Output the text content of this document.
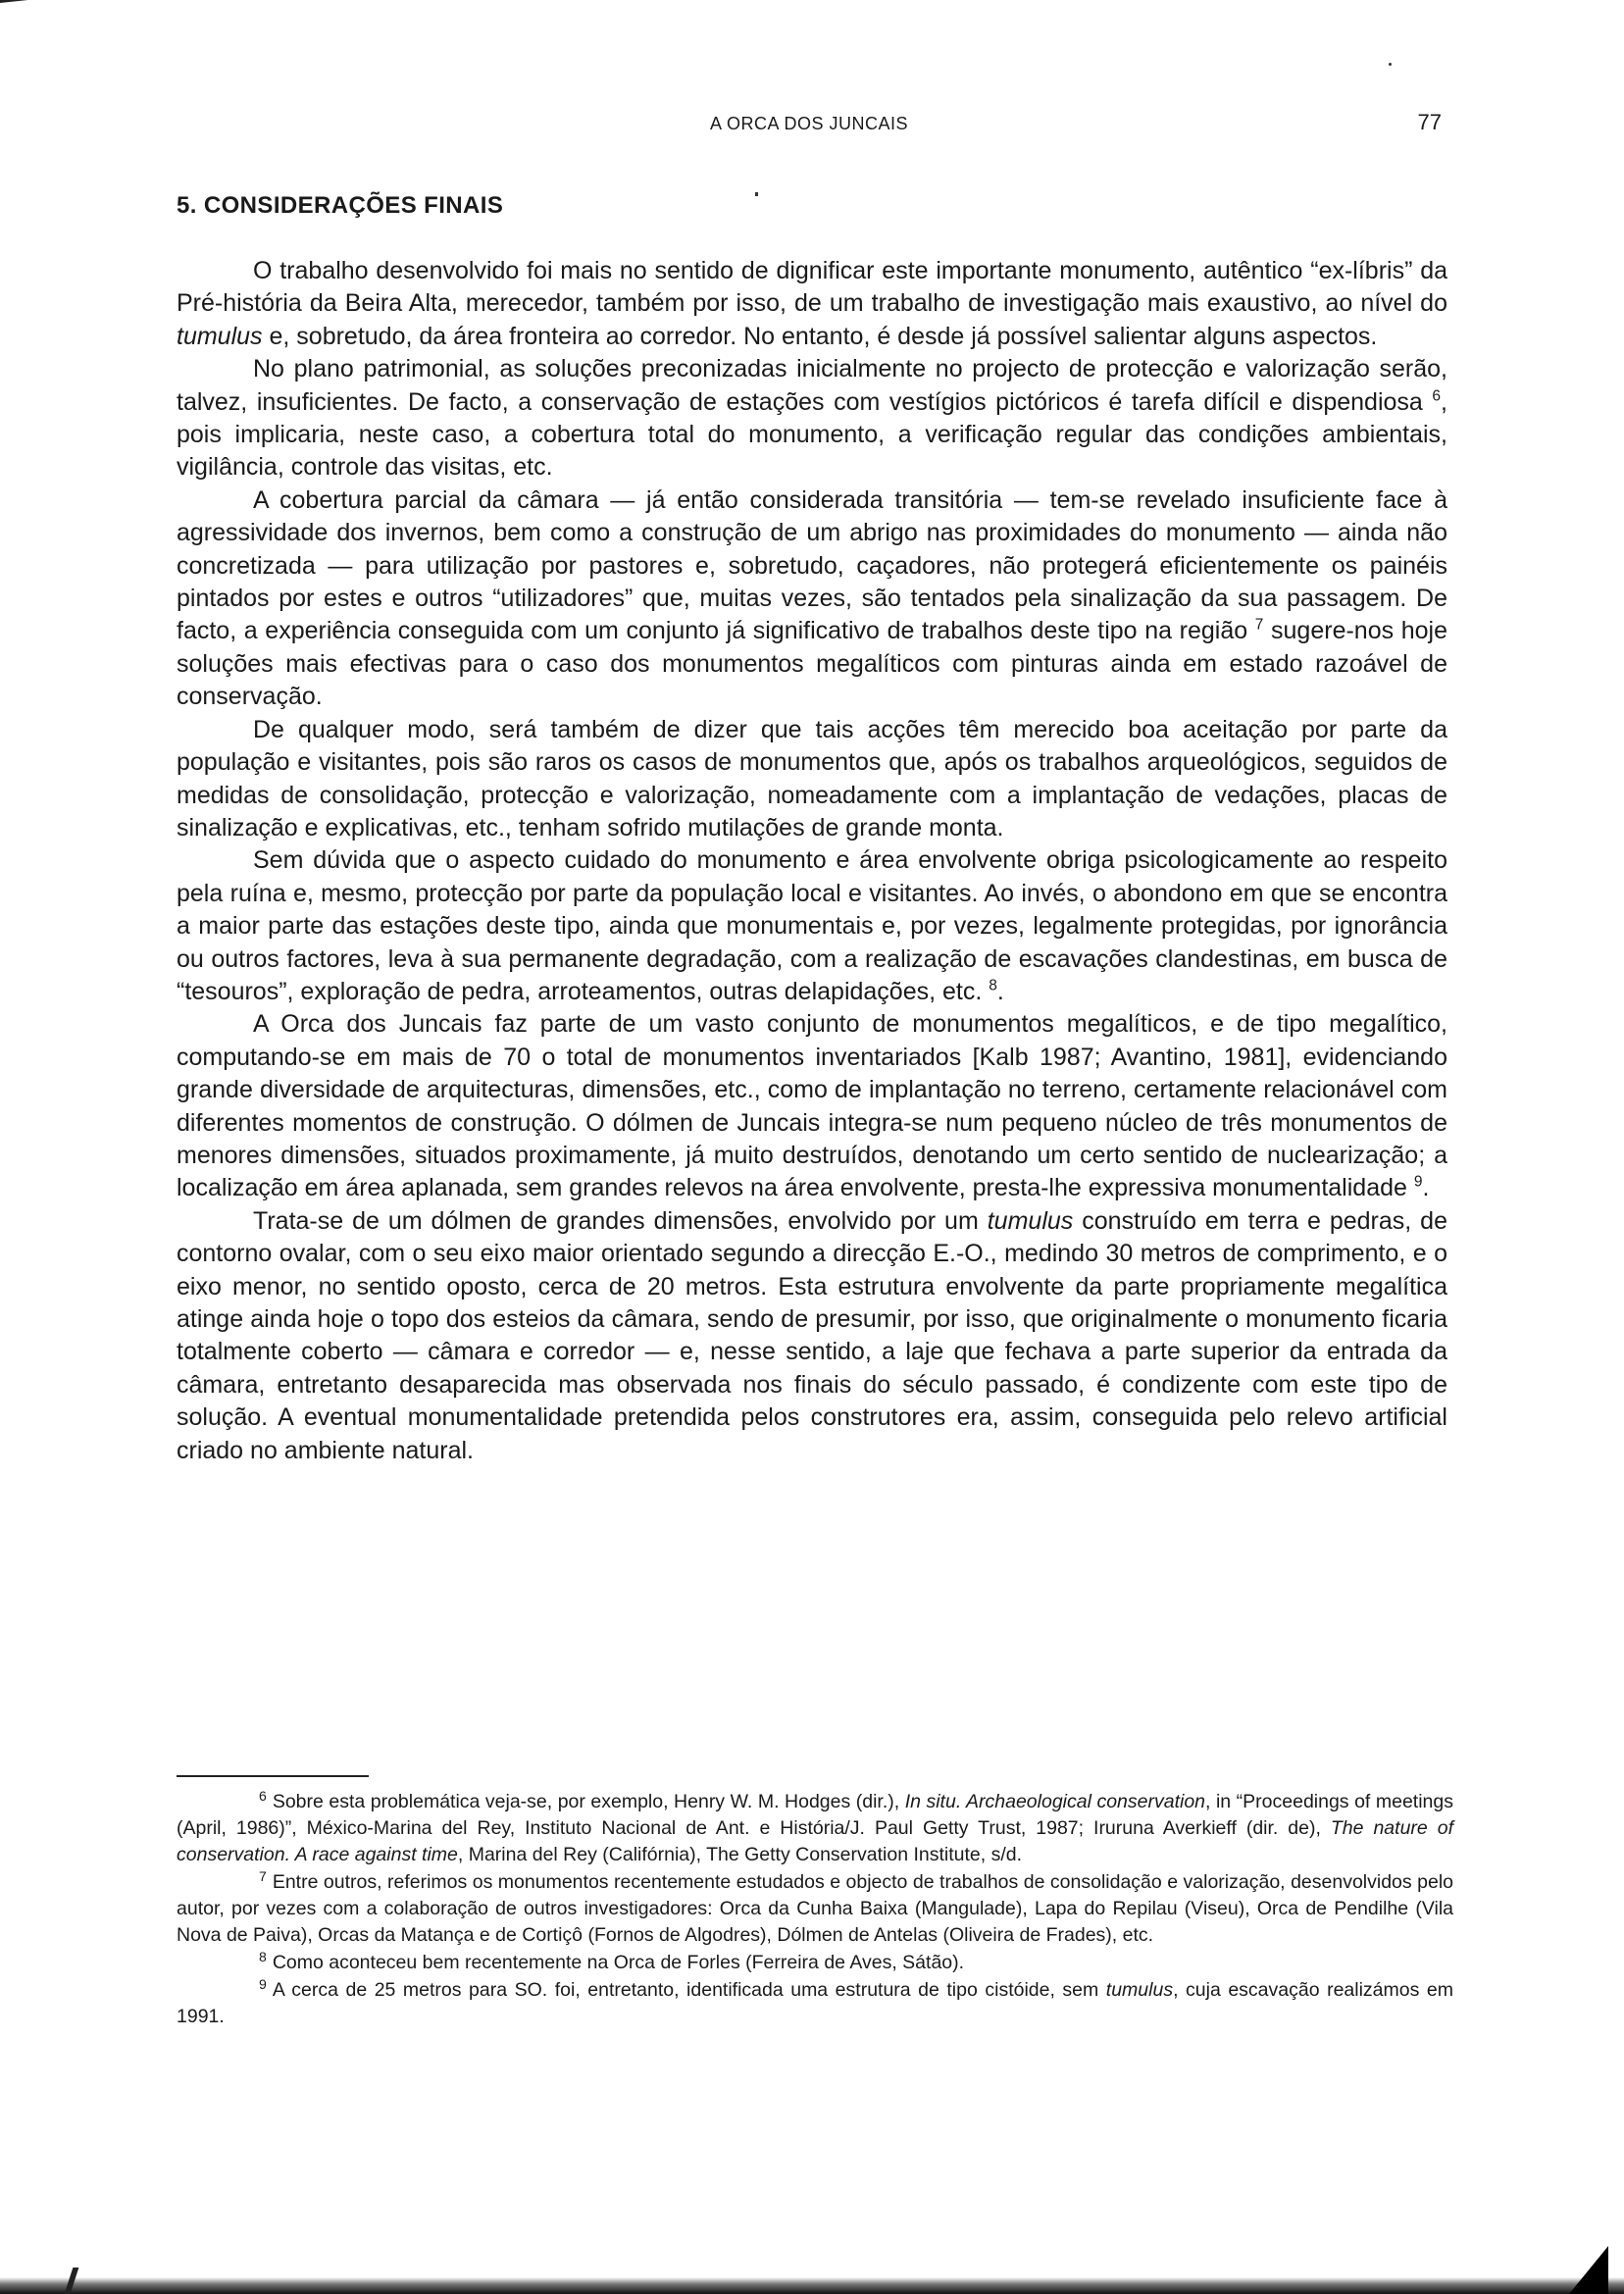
A ORCA DOS JUNCAIS	77
5. CONSIDERAÇÕES FINAIS

O trabalho desenvolvido foi mais no sentido de dignificar este importante monumento, autêntico “ex-líbris” da Pré-história da Beira Alta, merecedor, também por isso, de um trabalho de investigação mais exaustivo, ao nível do tumulus e, sobretudo, da área fronteira ao corredor. No entanto, é desde já possível salientar alguns aspectos.

No plano patrimonial, as soluções preconizadas inicialmente no projecto de protecção e valorização serão, talvez, insuficientes. De facto, a conservação de estações com vestígios pictóricos é tarefa difícil e dispendiosa $^6$, pois implicaria, neste caso, a cobertura total do monumento, a verificação regular das condições ambientais, vigilância, controle das visitas, etc.

A cobertura parcial da câmara — já então considerada transitória — tem-se revelado insuficiente face à agressividade dos invernos, bem como a construção de um abrigo nas proximidades do monumento — ainda não concretizada — para utilização por pastores e, sobretudo, caçadores, não protegerá eficientemente os painéis pintados por estes e outros “utilizadores” que, muitas vezes, são tentados pela sinalização da sua passagem. De facto, a experiência conseguida com um conjunto já significativo de trabalhos deste tipo na região $^7$ sugere-nos hoje soluções mais efectivas para o caso dos monumentos megalíticos com pinturas ainda em estado razoável de conservação.

De qualquer modo, será também de dizer que tais acções têm merecido boa aceitação por parte da população e visitantes, pois são raros os casos de monumentos que, após os trabalhos arqueológicos, seguidos de medidas de consolidação, protecção e valorização, nomeadamente com a implantação de vedações, placas de sinalização e explicativas, etc., tenham sofrido mutilações de grande monta.

Sem dúvida que o aspecto cuidado do monumento e área envolvente obriga psicologicamente ao respeito pela ruína e, mesmo, protecção por parte da população local e visitantes. Ao invés, o abondono em que se encontra a maior parte das estações deste tipo, ainda que monumentais e, por vezes, legalmente protegidas, por ignorância ou outros factores, leva à sua permanente degradação, com a realização de escavações clandestinas, em busca de “tesouros”, exploração de pedra, arroteamentos, outras delapidações, etc. $^8$.

A Orca dos Juncais faz parte de um vasto conjunto de monumentos megalíticos, e de tipo megalítico, computando-se em mais de 70 o total de monumentos inventariados [Kalb 1987; Avantino, 1981], evidenciando grande diversidade de arquitecturas, dimensões, etc., como de implantação no terreno, certamente relacionável com diferentes momentos de construção. O dólmen de Juncais integra-se num pequeno núcleo de três monumentos de menores dimensões, situados proximamente, já muito destruídos, denotando um certo sentido de nuclearização; a localização em área aplanada, sem grandes relevos na área envolvente, presta-lhe expressiva monumentalidade $^9$.

Trata-se de um dólmen de grandes dimensões, envolvido por um tumulus construído em terra e pedras, de contorno ovalar, com o seu eixo maior orientado segundo a direcção E.-O., medindo 30 metros de comprimento, e o eixo menor, no sentido oposto, cerca de 20 metros. Esta estrutura envolvente da parte propriamente megalítica atinge ainda hoje o topo dos esteios da câmara, sendo de presumir, por isso, que originalmente o monumento ficaria totalmente coberto — câmara e corredor — e, nesse sentido, a laje que fechava a parte superior da entrada da câmara, entretanto desaparecida mas observada nos finais do século passado, é condizente com este tipo de solução. A eventual monumentalidade pretendida pelos construtores era, assim, conseguida pelo relevo artificial criado no ambiente natural.

$^6$ Sobre esta problemática veja-se, por exemplo, Henry W. M. Hodges (dir.), In situ. Archaeological conservation, in “Proceedings of meetings (April, 1986)”, México-Marina del Rey, Instituto Nacional de Ant. e História/J. Paul Getty Trust, 1987; Iruruna Averkieff (dir. de), The nature of conservation. A race against time, Marina del Rey (Califórnia), The Getty Conservation Institute, s/d.

$^7$ Entre outros, referimos os monumentos recentemente estudados e objecto de trabalhos de consolidação e valorização, desenvolvidos pelo autor, por vezes com a colaboração de outros investigadores: Orca da Cunha Baixa (Mangulade), Lapa do Repilau (Viseu), Orca de Pendilhe (Vila Nova de Paiva), Orcas da Matança e de Cortiçô (Fornos de Algodres), Dólmen de Antelas (Oliveira de Frades), etc.

$^8$ Como aconteceu bem recentemente na Orca de Forles (Ferreira de Aves, Sátão).

$^9$ A cerca de 25 metros para SO. foi, entretanto, identificada uma estrutura de tipo cistóide, sem tumulus, cuja escavação realizámos em 1991.
